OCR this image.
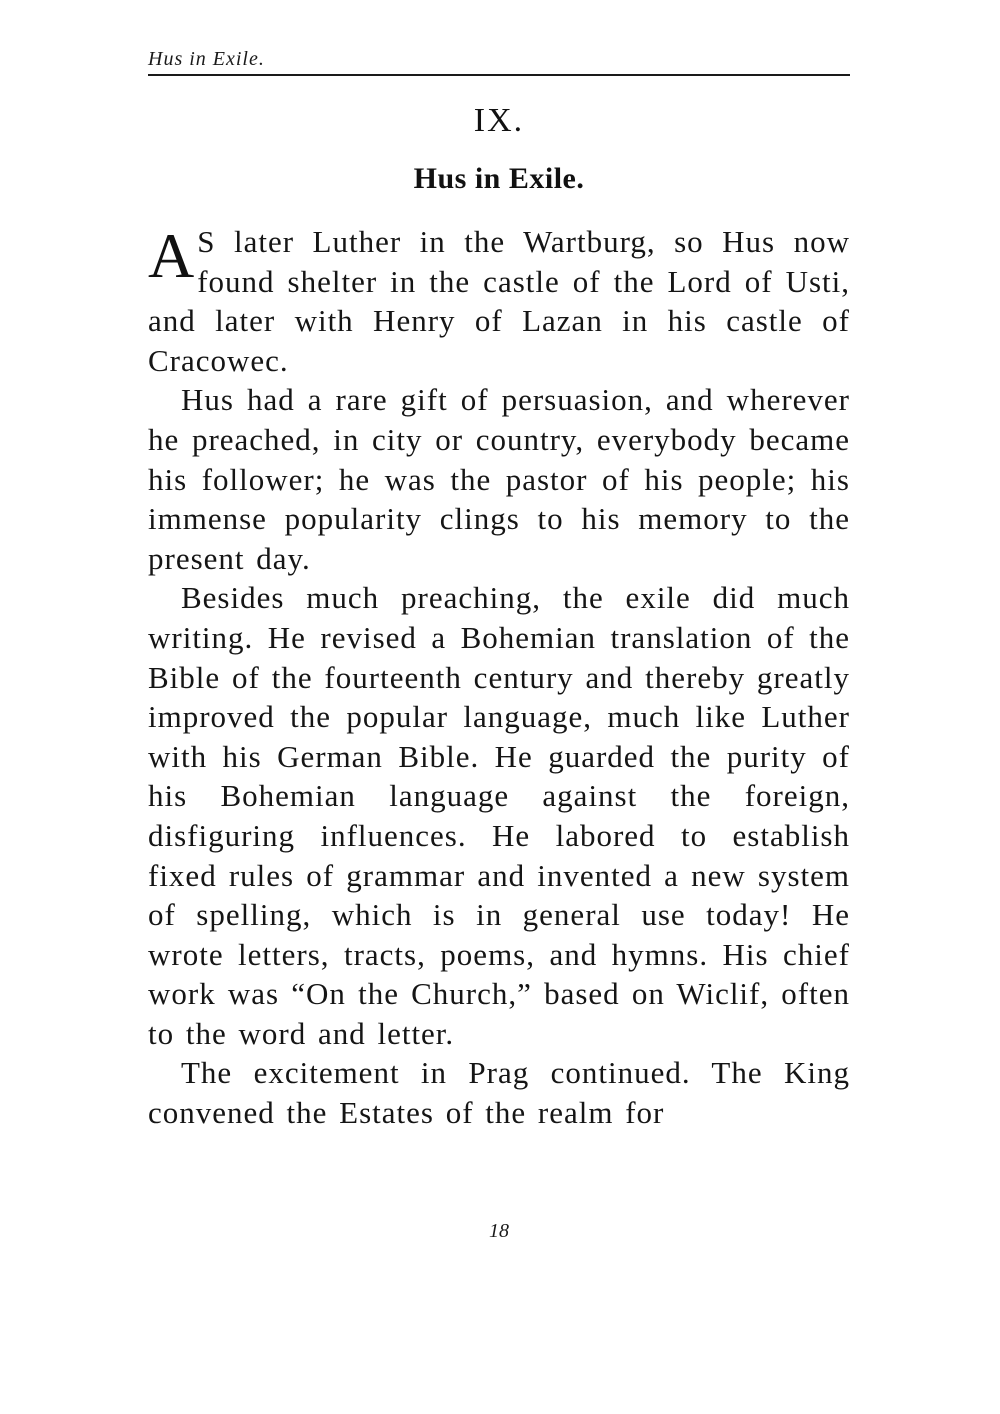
Hus in Exile.
IX.
Hus in Exile.

A S later Luther in the Wartburg, so Hus now found shelter in the castle of the Lord of Usti, and later with Henry of Lazan in his castle of Cracowec.

Hus had a rare gift of persuasion, and wherever he preached, in city or country, everybody became his follower; he was the pastor of his people; his immense popularity clings to his memory to the present day.

Besides much preaching, the exile did much writing. He revised a Bohemian translation of the Bible of the fourteenth century and thereby greatly improved the popular language, much like Luther with his German Bible. He guarded the purity of his Bohemian language against the foreign, disfiguring influences. He labored to establish fixed rules of grammar and invented a new system of spelling, which is in general use today! He wrote letters, tracts, poems, and hymns. His chief work was “On the Church,” based on Wiclif, often to the word and letter.

The excitement in Prag continued. The King convened the Estates of the realm for

18
